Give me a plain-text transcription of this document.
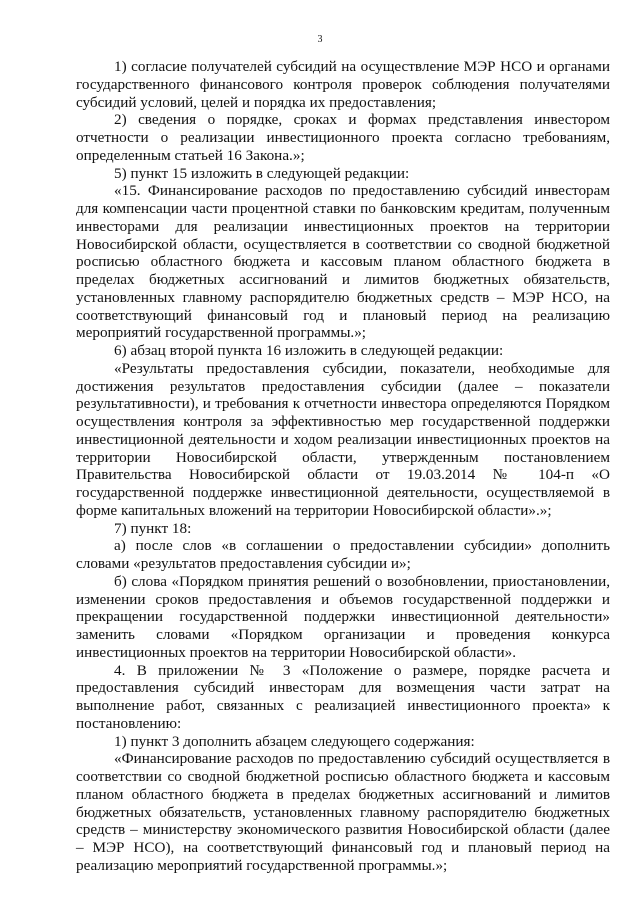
3

1) согласие получателей субсидий на осуществление МЭР НСО и органами государственного финансового контроля проверок соблюдения получателями субсидий условий, целей и порядка их предоставления;

2) сведения о порядке, сроках и формах представления инвестором отчетности о реализации инвестиционного проекта согласно требованиям, определенным статьей 16 Закона.»;

5) пункт 15 изложить в следующей редакции:

«15. Финансирование расходов по предоставлению субсидий инвесторам для компенсации части процентной ставки по банковским кредитам, полученным инвесторами для реализации инвестиционных проектов на территории Новосибирской области, осуществляется в соответствии со сводной бюджетной росписью областного бюджета и кассовым планом областного бюджета в пределах бюджетных ассигнований и лимитов бюджетных обязательств, установленных главному распорядителю бюджетных средств – МЭР НСО, на соответствующий финансовый год и плановый период на реализацию мероприятий государственной программы.»;

6) абзац второй пункта 16 изложить в следующей редакции:

«Результаты предоставления субсидии, показатели, необходимые для достижения результатов предоставления субсидии (далее – показатели результативности), и требования к отчетности инвестора определяются Порядком осуществления контроля за эффективностью мер государственной поддержки инвестиционной деятельности и ходом реализации инвестиционных проектов на территории Новосибирской области, утвержденным постановлением Правительства Новосибирской области от 19.03.2014 № 104-п «О государственной поддержке инвестиционной деятельности, осуществляемой в форме капитальных вложений на территории Новосибирской области».»;

7) пункт 18:

а) после слов «в соглашении о предоставлении субсидии» дополнить словами «результатов предоставления субсидии и»;

б) слова «Порядком принятия решений о возобновлении, приостановлении, изменении сроков предоставления и объемов государственной поддержки и прекращении государственной поддержки инвестиционной деятельности» заменить словами «Порядком организации и проведения конкурса инвестиционных проектов на территории Новосибирской области».

4. В приложении № 3 «Положение о размере, порядке расчета и предоставления субсидий инвесторам для возмещения части затрат на выполнение работ, связанных с реализацией инвестиционного проекта» к постановлению:

1) пункт 3 дополнить абзацем следующего содержания:

«Финансирование расходов по предоставлению субсидий осуществляется в соответствии со сводной бюджетной росписью областного бюджета и кассовым планом областного бюджета в пределах бюджетных ассигнований и лимитов бюджетных обязательств, установленных главному распорядителю бюджетных средств – министерству экономического развития Новосибирской области (далее – МЭР НСО), на соответствующий финансовый год и плановый период на реализацию мероприятий государственной программы.»;
